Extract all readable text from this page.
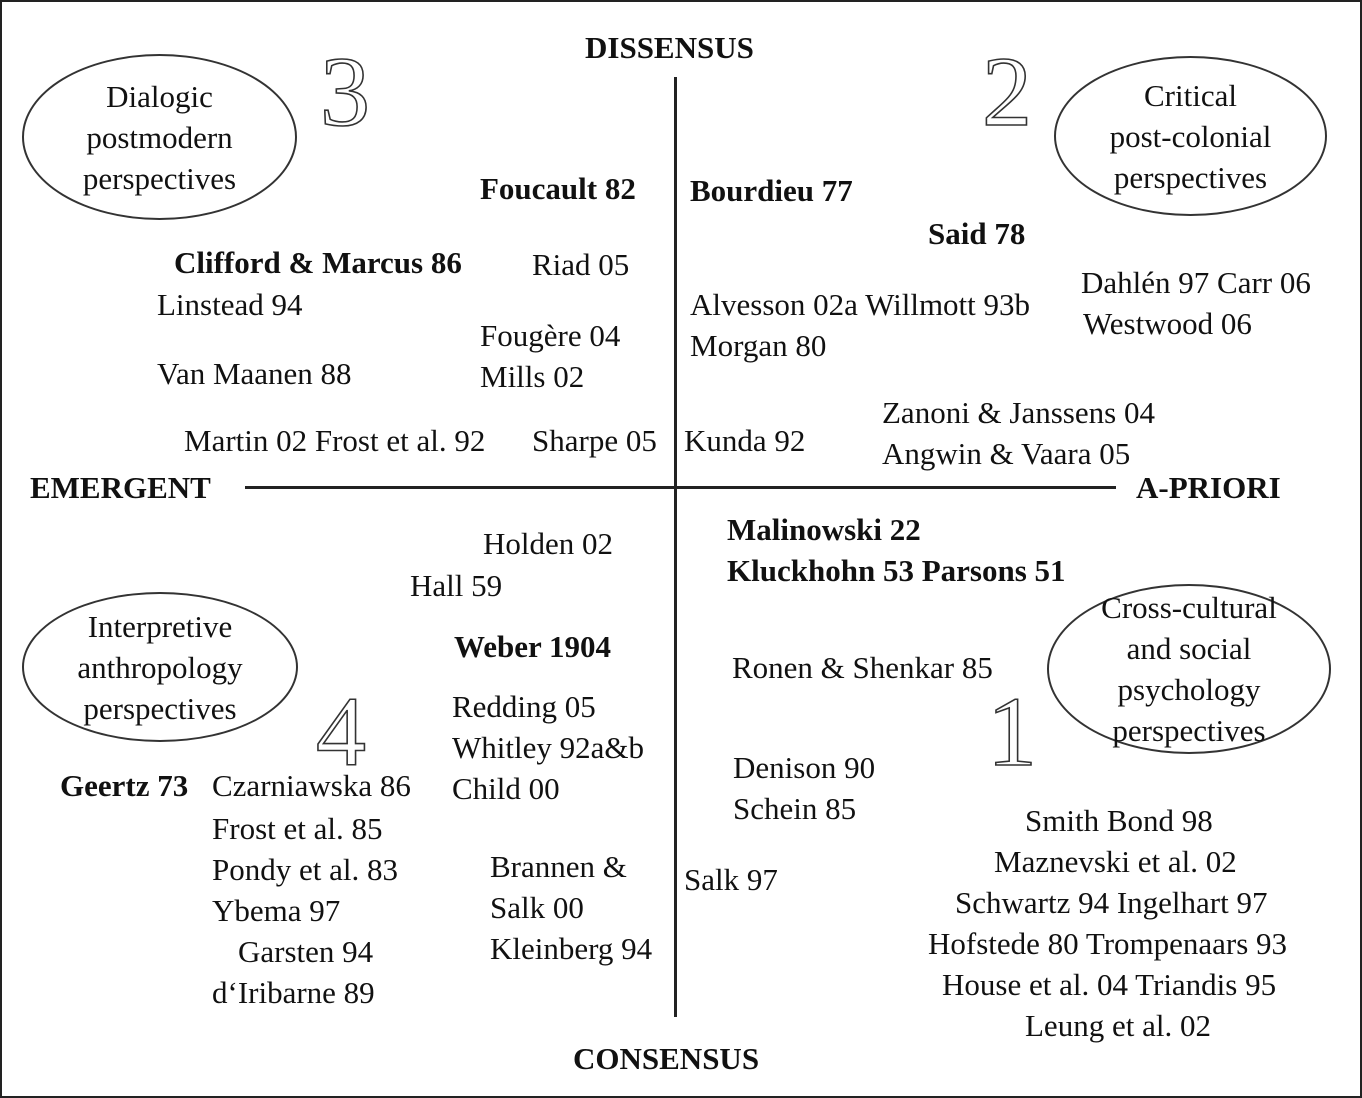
DISSENSUS
CONSENSUS
EMERGENT	A-PRIORI
3	2
4	1
Dialogic
postmodern
perspectives
Critical
post-colonial
perspectives
Interpretive
anthropology
perspectives
Cross-cultural
and social
psychology
perspectives
Foucault 82
Clifford & Marcus 86 Riad 05
Linstead 94
Fougère 04
Mills 02
Van Maanen 88
Martin 02 Frost et al. 92 Sharpe 05
Bourdieu 77
Said 78
Dahlén 97 Carr 06
Westwood 06
Alvesson 02a Willmott 93b
Morgan 80
Kunda 92
Zanoni & Janssens 04
Angwin & Vaara 05
Holden 02
Hall 59
Weber 1904
Redding 05
Whitley 92a&b
Child 00
Geertz 73 Czarniawska 86
Frost et al. 85
Pondy et al. 83
Ybema 97
Garsten 94
d‘Iribarne 89
Brannen &
Salk 00
Kleinberg 94
Salk 97
Malinowski 22
Kluckhohn 53 Parsons 51
Ronen & Shenkar 85
Denison 90
Schein 85	Smith Bond 98
Maznevski et al. 02
Schwartz 94 Ingelhart 97
Hofstede 80 Trompenaars 93
House et al. 04 Triandis 95
Leung et al. 02
